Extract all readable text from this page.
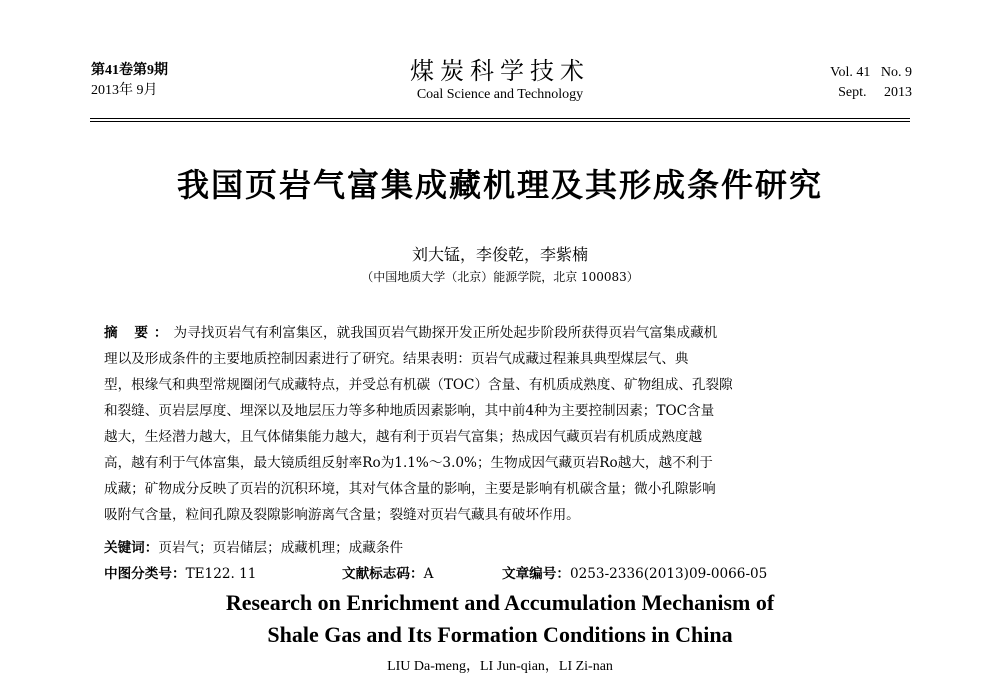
第41卷第9期
2013年 9月
煤炭科学技术
Coal Science and Technology
Vol. 41 No. 9
Sept. 2013
我国页岩气富集成藏机理及其形成条件研究
刘大锰，李俊乾，李紫楠
（中国地质大学（北京）能源学院，北京 100083）
摘 要：为寻找页岩气有利富集区，就我国页岩气勘探开发正所处起步阶段所获得页岩气富集成藏机
理以及形成条件的主要地质控制因素进行了研究。结果表明：页岩气成藏过程兼具典型煤层气、典
型，根缘气和典型常规圈闭气成藏特点，并受总有机碳（TOC）含量、有机质成熟度、矿物组成、孔裂隙
和裂缝、页岩层厚度、埋深以及地层压力等多种地质因素影响，其中前4种为主要控制因素；TOC含量
越大，生烃潜力越大，且气体储集能力越大，越有利于页岩气富集；热成因气藏页岩有机质成熟度越
高，越有利于气体富集，最大镜质组反射率Ro为1.1%～3.0%；生物成因气藏页岩Ro越大，越不利于
成藏；矿物成分反映了页岩的沉积环境，其对气体含量的影响，主要是影响有机碳含量；微小孔隙影响
吸附气含量，粒间孔隙及裂隙影响游离气含量；裂缝对页岩气藏具有破坏作用。
关键词：页岩气；页岩储层；成藏机理；成藏条件
中图分类号：TE122. 11	文献标志码：A	文章编号：0253-2336(2013)09-0066-05
Research on Enrichment and Accumulation Mechanism of
Shale Gas and Its Formation Conditions in China
LIU Da-meng，LI Jun-qian，LI Zi-nan
